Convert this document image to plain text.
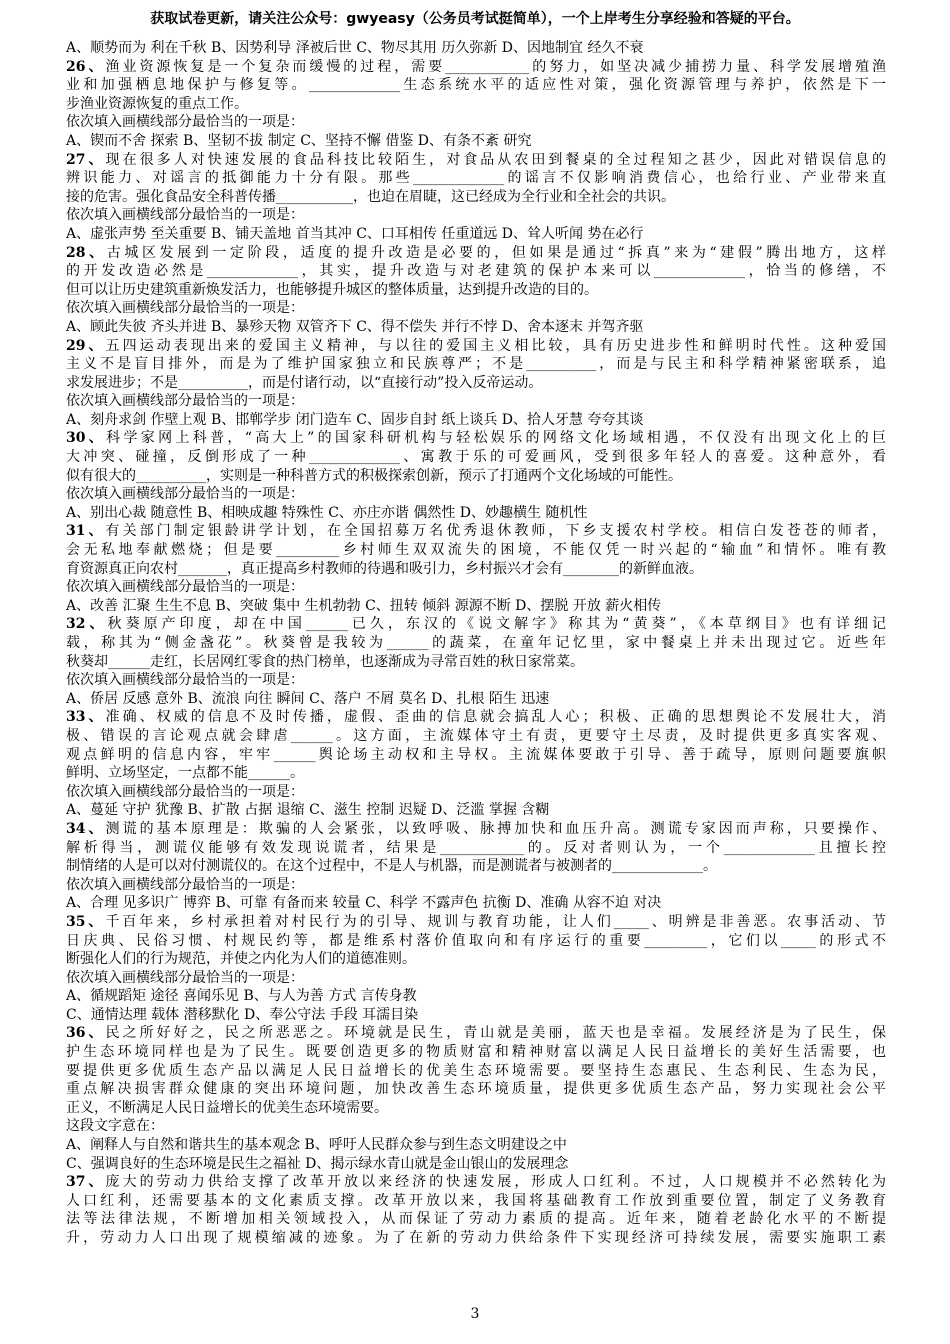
获取试卷更新，请关注公众号：gwyeasy（公务员考试挺简单），一个上岸考生分享经验和答疑的平台。
A、顺势而为 利在千秋 B、因势利导 泽被后世 C、物尽其用 历久弥新 D、因地制宜 经久不衰
26、渔业资源恢复是一个复杂而缓慢的过程，需要____________的努力，如坚决减少捕捞力量、科学发展增殖渔
业和加强栖息地保护与修复等。_____________生态系统水平的适应性对策，强化资源管理与养护，依然是下一
步渔业资源恢复的重点工作。
依次填入画横线部分最恰当的一项是：
A、锲而不舍 探索 B、坚韧不拔 制定 C、坚持不懈 借鉴 D、有条不紊 研究
27、现在很多人对快速发展的食品科技比较陌生，对食品从农田到餐桌的全过程知之甚少，因此对错误信息的
辨识能力、对谣言的抵御能力十分有限。那些_____________的谣言不仅影响消费信心，也给行业、产业带来直
接的危害。强化食品安全科普传播___________，也迫在眉睫，这已经成为全行业和全社会的共识。
依次填入画横线部分最恰当的一项是：
A、虚张声势 至关重要 B、铺天盖地 首当其冲 C、口耳相传 任重道远 D、耸人听闻 势在必行
28、古城区发展到一定阶段，适度的提升改造是必要的，但如果是通过“拆真”来为“建假”腾出地方，这样
的开发改造必然是_____________，其实，提升改造与对老建筑的保护本来可以_____________，恰当的修缮，不
但可以让历史建筑重新焕发活力，也能够提升城区的整体质量，达到提升改造的目的。
依次填入画横线部分最恰当的一项是：
A、顾此失彼 齐头并进 B、暴殄天物 双管齐下 C、得不偿失 并行不悖 D、舍本逐末 并驾齐驱
29、五四运动表现出来的爱国主义精神，与以往的爱国主义相比较，具有历史进步性和鲜明时代性。这种爱国
主义不是盲目排外，而是为了维护国家独立和民族尊严；不是__________，而是与民主和科学精神紧密联系，追
求发展进步；不是__________，而是付诸行动，以“直接行动”投入反帝运动。
依次填入画横线部分最恰当的一项是：
A、刻舟求剑 作壁上观 B、邯郸学步 闭门造车 C、固步自封 纸上谈兵 D、拾人牙慧 夸夸其谈
30、科学家网上科普，“高大上”的国家科研机构与轻松娱乐的网络文化场域相遇，不仅没有出现文化上的巨
大冲突、碰撞，反倒形成了一种_____________、寓教于乐的可爱画风，受到很多年轻人的喜爱。这种意外，看
似有很大的__________，实则是一种科普方式的积极探索创新，预示了打通两个文化场域的可能性。
依次填入画横线部分最恰当的一项是：
A、别出心裁 随意性 B、相映成趣 特殊性 C、亦庄亦谐 偶然性 D、妙趣横生 随机性
31、有关部门制定银龄讲学计划，在全国招募万名优秀退休教师，下乡支援农村学校。相信白发苍苍的师者，
会无私地奉献燃烧；但是要_________乡村师生双双流失的困境，不能仅凭一时兴起的“输血”和情怀。唯有教
育资源真正向农村_______，真正提高乡村教师的待遇和吸引力，乡村振兴才会有________的新鲜血液。
依次填入画横线部分最恰当的一项是：
A、改善 汇聚 生生不息 B、突破 集中 生机勃勃 C、扭转 倾斜 源源不断 D、摆脱 开放 薪火相传
32、秋葵原产印度，却在中国______已久，东汉的《说文解字》称其为“黄葵”，《本草纲目》也有详细记
载，称其为“侧金盏花”。秋葵曾是我较为______的蔬菜，在童年记忆里，家中餐桌上并未出现过它。近些年
秋葵却______走红，长居网红零食的热门榜单，也逐渐成为寻常百姓的秋日家常菜。
依次填入画横线部分最恰当的一项是：
A、侨居 反感 意外 B、流浪 向往 瞬间 C、落户 不屑 莫名 D、扎根 陌生 迅速
33、准确、权威的信息不及时传播，虚假、歪曲的信息就会搞乱人心；积极、正确的思想舆论不发展壮大，消
极、错误的言论观点就会肆虐______。这方面，主流媒体守土有责，更要守土尽责，及时提供更多真实客观、
观点鲜明的信息内容，牢牢______舆论场主动权和主导权。主流媒体要敢于引导、善于疏导，原则问题要旗帜
鲜明、立场坚定，一点都不能______。
依次填入画横线部分最恰当的一项是：
A、蔓延 守护 犹豫 B、扩散 占据 退缩 C、滋生 控制 迟疑 D、泛滥 掌握 含糊
34、测谎的基本原理是：欺骗的人会紧张，以致呼吸、脉搏加快和血压升高。测谎专家因而声称，只要操作、
解析得当，测谎仪能够有效发现说谎者，结果是____________的。反对者则认为，一个_____________且擅长控
制情绪的人是可以对付测谎仪的。在这个过程中，不是人与机器，而是测谎者与被测者的_____________。
依次填入画横线部分最恰当的一项是：
A、合理 见多识广 博弈 B、可靠 有备而来 较量 C、科学 不露声色 抗衡 D、准确 从容不迫 对决
35、千百年来，乡村承担着对村民行为的引导、规训与教育功能，让人们_____、明辨是非善恶。农事活动、节
日庆典、民俗习惯、村规民约等，都是维系村落价值取向和有序运行的重要_________，它们以_____的形式不
断强化人们的行为规范，并使之内化为人们的道德准则。
依次填入画横线部分最恰当的一项是：
A、循规蹈矩 途径 喜闻乐见 B、与人为善 方式 言传身教
C、通情达理 载体 潜移默化 D、奉公守法 手段 耳濡目染
36、民之所好好之，民之所恶恶之。环境就是民生，青山就是美丽，蓝天也是幸福。发展经济是为了民生，保
护生态环境同样也是为了民生。既要创造更多的物质财富和精神财富以满足人民日益增长的美好生活需要，也
要提供更多优质生态产品以满足人民日益增长的优美生态环境需要。要坚持生态惠民、生态利民、生态为民，
重点解决损害群众健康的突出环境问题，加快改善生态环境质量，提供更多优质生态产品，努力实现社会公平
正义，不断满足人民日益增长的优美生态环境需要。
这段文字意在：
A、阐释人与自然和谐共生的基本观念 B、呼吁人民群众参与到生态文明建设之中
C、强调良好的生态环境是民生之福祉 D、揭示绿水青山就是金山银山的发展理念
37、庞大的劳动力供给支撑了改革开放以来经济的快速发展，形成人口红利。不过，人口规模并不必然转化为
人口红利，还需要基本的文化素质支撑。改革开放以来，我国将基础教育工作放到重要位置，制定了义务教育
法等法律法规，不断增加相关领域投入，从而保证了劳动力素质的提高。近年来，随着老龄化水平的不断提
升，劳动力人口出现了规模缩减的迹象。为了在新的劳动力供给条件下实现经济可持续发展，需要实施职工素
3
